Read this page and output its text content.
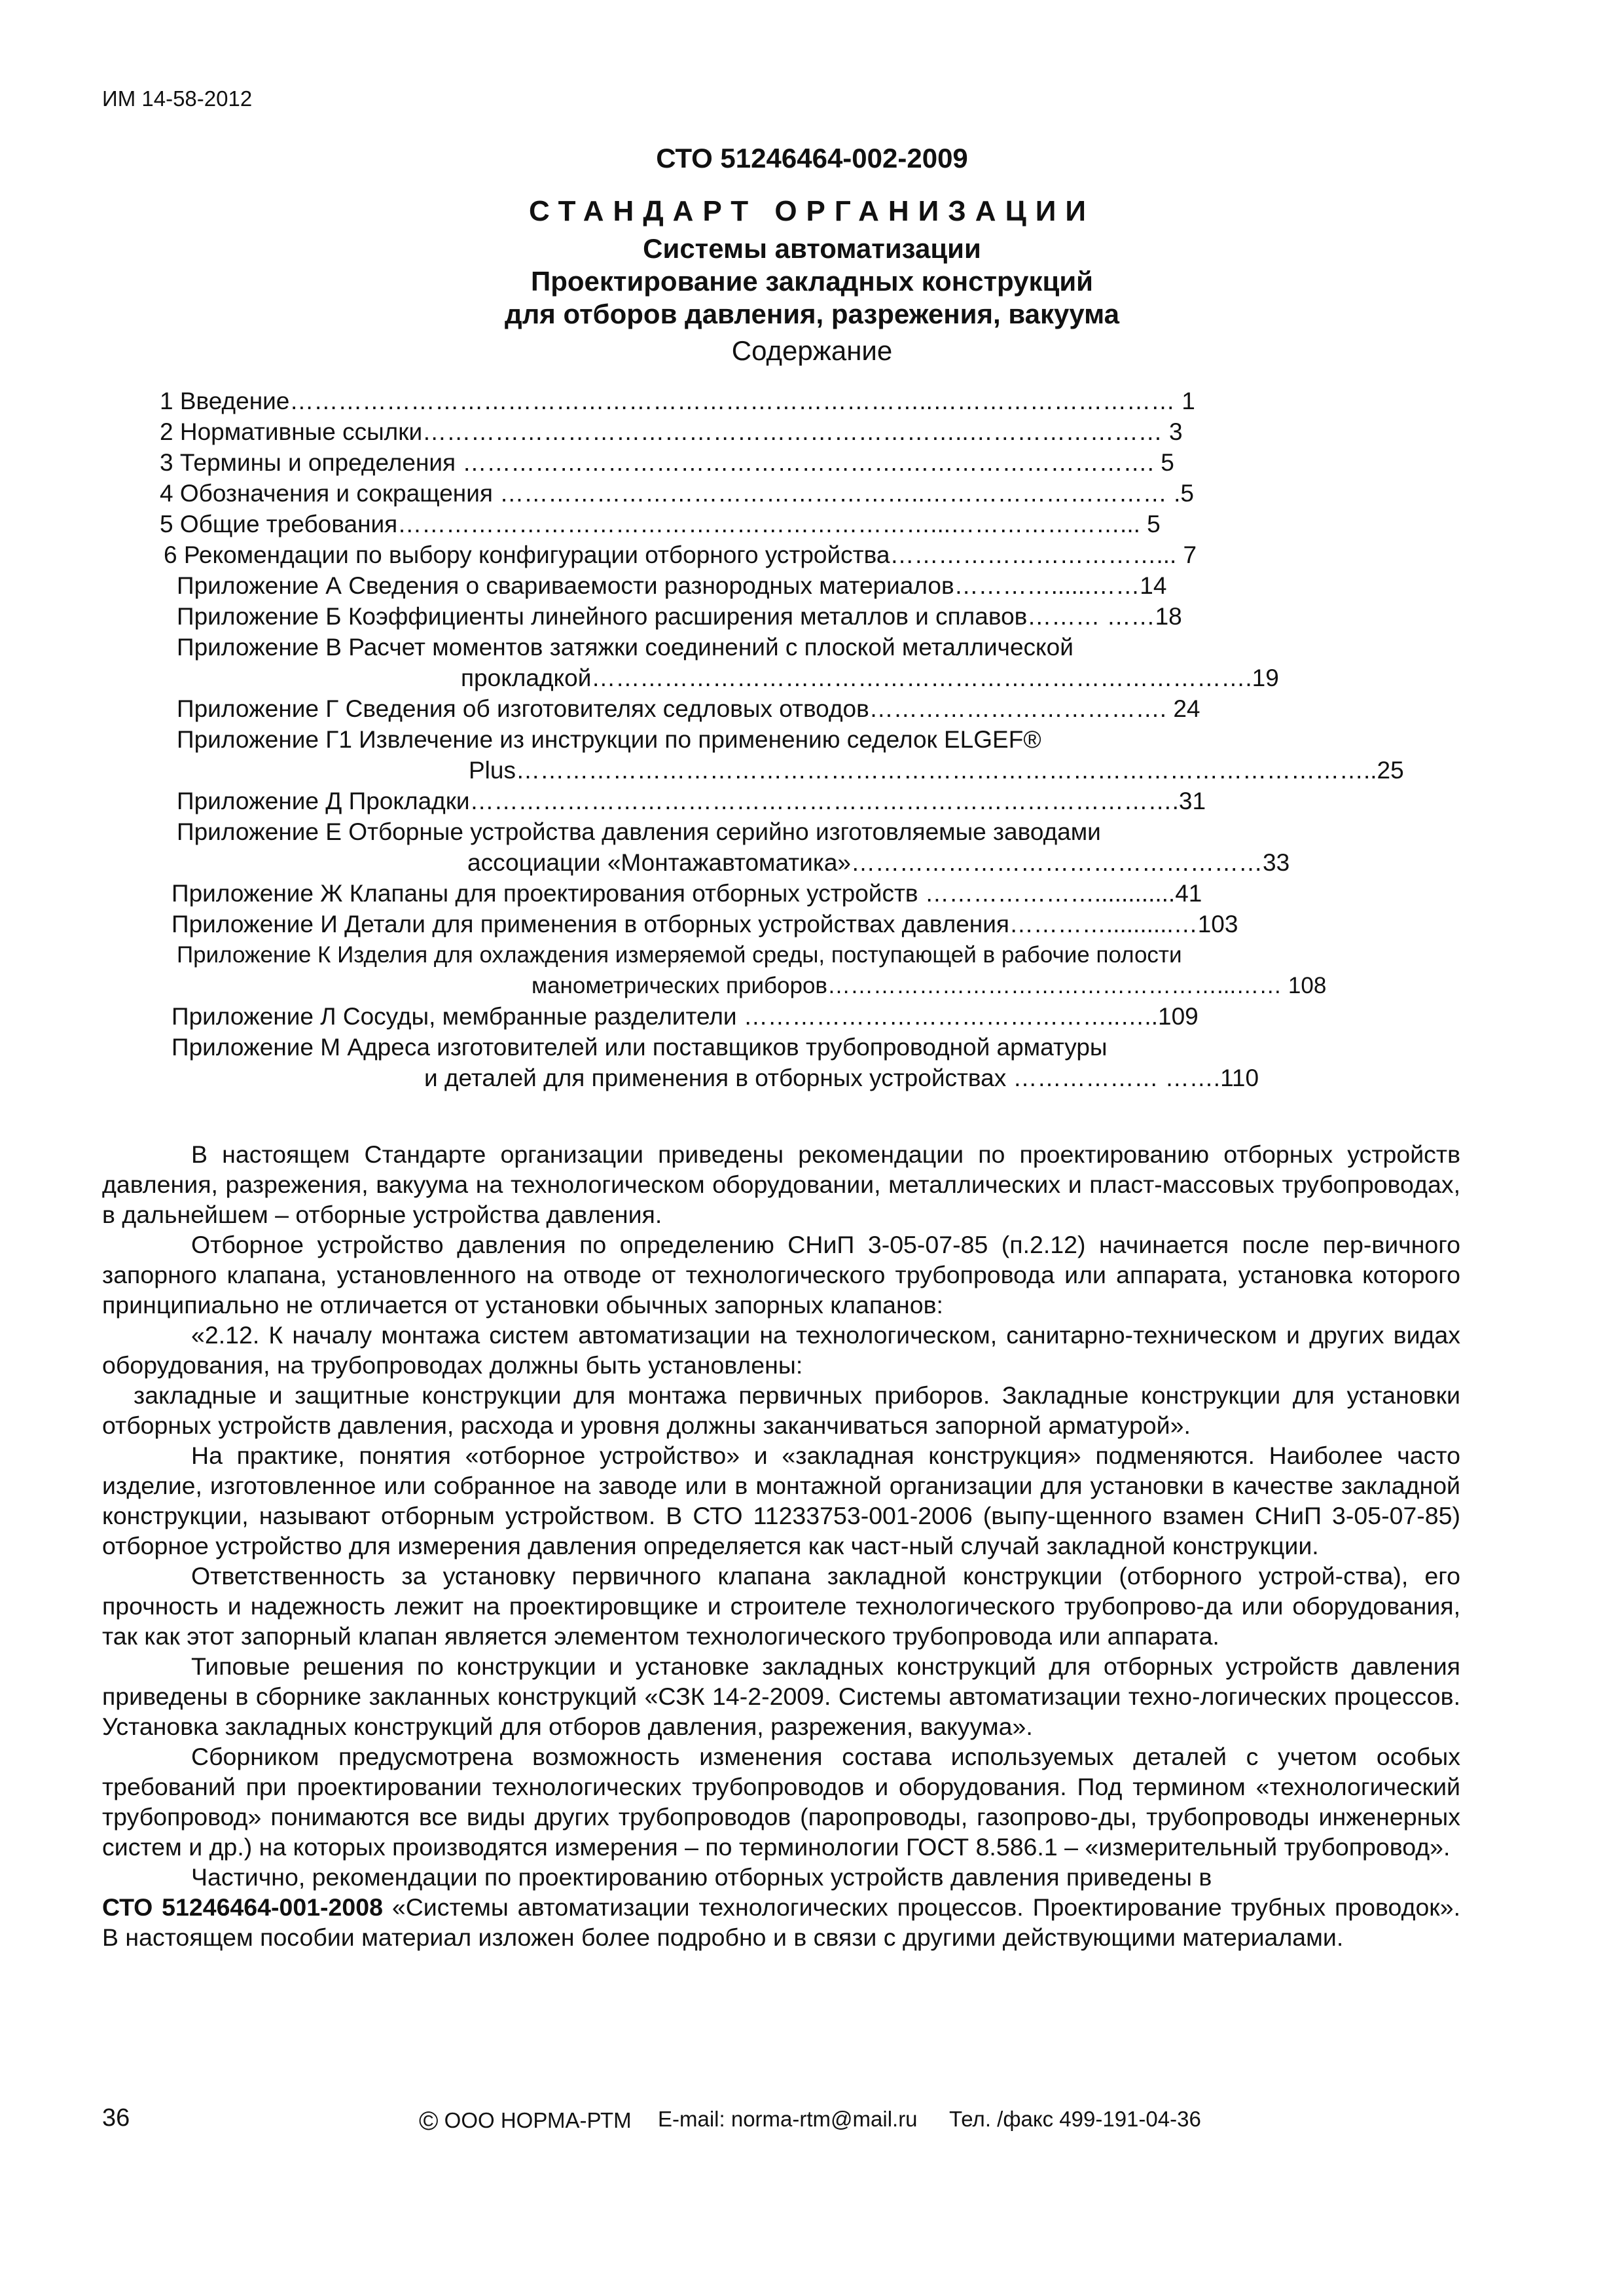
ИМ 14-58-2012
СТО 51246464-002-2009
СТАНДАРТ ОРГАНИЗАЦИИ
Системы автоматизации
Проектирование закладных конструкций
для отборов давления, разрежения, вакуума
Содержание
1 Введение……………………………………………………………………..………………………… 1
2 Нормативные ссылки…………………………………………………………..…………………… 3
3 Термины и определения ……………………………………………….…………………………. 5
4 Обозначения и сокращения ……………………………………………..………………………… .5
5 Общие требования…………………………………………………………...…………………... 5
6 Рекомендации по выбору конфигурации отборного устройства……………………………... 7
Приложение А Сведения о свариваемости разнородных материалов…………......……14
Приложение Б Коэффициенты линейного расширения металлов и сплавов……… ……18
Приложение В Расчет моментов затяжки соединений с плоской металлической
прокладкой……………………………………………………………………….19
Приложение Г Сведения об изготовителях седловых отводов………………………………. 24
Приложение Г1 Извлечение из инструкции по применению седелок ELGEF®
Plus……………………………………………………………………………………………..25
Приложение Д Прокладки…………………………………………………………………………….31
Приложение Е Отборные устройства давления серийно изготовляемые заводами
ассоциации «Монтажавтоматика»……………………………………………33
Приложение Ж Клапаны для проектирования отборных устройств …………………............41
Приложение И Детали для применения в отборных устройствах давления…………..........…103
Приложение К Изделия для охлаждения измеряемой среды, поступающей в рабочие полости
манометрических приборов……………………………………………...…… 108
Приложение Л Сосуды, мембранные разделители ………………………………………..…..109
Приложение М Адреса изготовителей или поставщиков трубопроводной арматуры
и деталей для применения в отборных устройствах ……………… …….110

В настоящем Стандарте организации приведены рекомендации по проектированию отборных устройств давления, разрежения, вакуума на технологическом оборудовании, металлических и пласт-массовых трубопроводах, в дальнейшем – отборные устройства давления.

Отборное устройство давления по определению СНиП 3-05-07-85 (п.2.12) начинается после пер-вичного запорного клапана, установленного на отводе от технологического трубопровода или аппарата, установка которого принципиально не отличается от установки обычных запорных клапанов:

«2.12. К началу монтажа систем автоматизации на технологическом, санитарно-техническом и других видах оборудования, на трубопроводах должны быть установлены:

закладные и защитные конструкции для монтажа первичных приборов. Закладные конструкции для установки отборных устройств давления, расхода и уровня должны заканчиваться запорной арматурой».

На практике, понятия «отборное устройство» и «закладная конструкция» подменяются. Наиболее часто изделие, изготовленное или собранное на заводе или в монтажной организации для установки в качестве закладной конструкции, называют отборным устройством. В СТО 11233753-001-2006 (выпу-щенного взамен СНиП 3-05-07-85) отборное устройство для измерения давления определяется как част-ный случай закладной конструкции.

Ответственность за установку первичного клапана закладной конструкции (отборного устрой-ства), его прочность и надежность лежит на проектировщике и строителе технологического трубопрово-да или оборудования, так как этот запорный клапан является элементом технологического трубопровода или аппарата.

Типовые решения по конструкции и установке закладных конструкций для отборных устройств давления приведены в сборнике закланных конструкций «СЗК 14-2-2009. Системы автоматизации техно-логических процессов. Установка закладных конструкций для отборов давления, разрежения, вакуума».

Сборником предусмотрена возможность изменения состава используемых деталей с учетом особых требований при проектировании технологических трубопроводов и оборудования. Под термином «технологический трубопровод» понимаются все виды других трубопроводов (паропроводы, газопрово-ды, трубопроводы инженерных систем и др.) на которых производятся измерения – по терминологии ГОСТ 8.586.1 – «измерительный трубопровод».

Частично, рекомендации по проектированию отборных устройств давления приведены в

СТО 51246464-001-2008 «Системы автоматизации технологических процессов. Проектирование трубных проводок». В настоящем пособии материал изложен более подробно и в связи с другими действующими материалами.

36	© ООО НОРМА-РТМ E-mail: norma-rtm@mail.ru Тел. /факс 499-191-04-36
